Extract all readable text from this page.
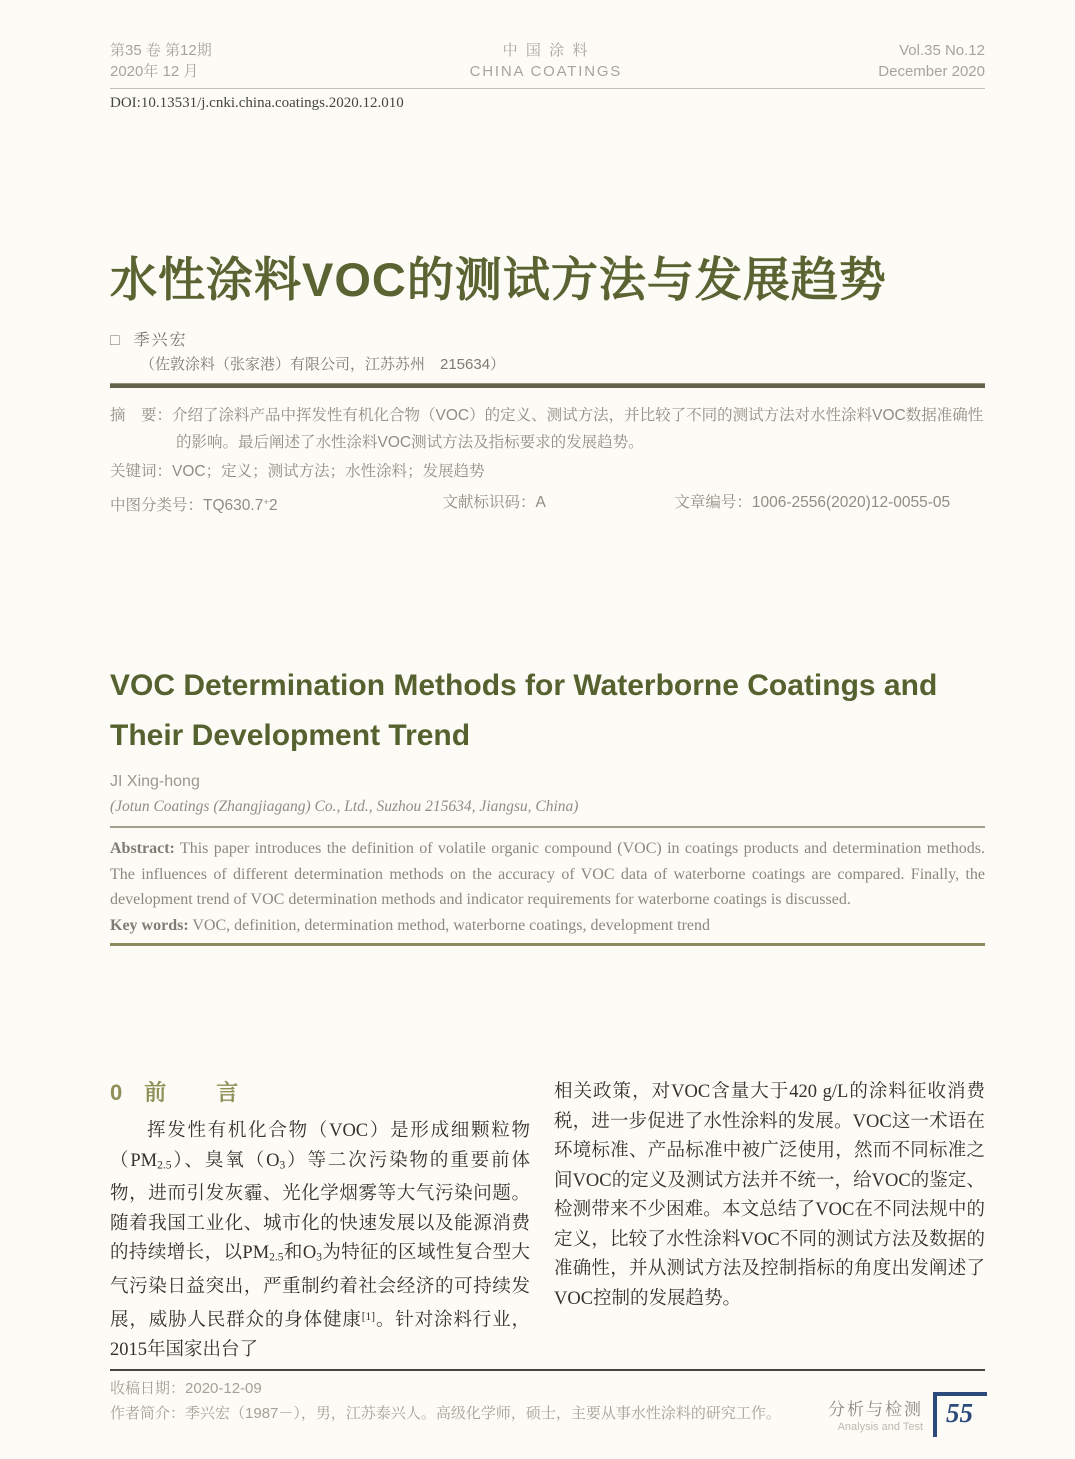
第35 卷 第12期
2020年 12 月
中国涂料
CHINA COATINGS
Vol.35 No.12
December 2020
DOI:10.13531/j.cnki.china.coatings.2020.12.010
水性涂料VOC的测试方法与发展趋势
□ 季兴宏
（佐敦涂料（张家港）有限公司，江苏苏州　215634）

摘　要：介绍了涂料产品中挥发性有机化合物（VOC）的定义、测试方法，并比较了不同的测试方法对水性涂料VOC数据准确性的影响。最后阐述了水性涂料VOC测试方法及指标要求的发展趋势。

关键词：VOC；定义；测试方法；水性涂料；发展趋势

中图分类号：TQ630.7+2	文献标识码：A	文章编号：1006-2556(2020)12-0055-05
VOC Determination Methods for Waterborne Coatings and Their Development Trend
JI Xing-hong
(Jotun Coatings (Zhangjiagang) Co., Ltd., Suzhou 215634, Jiangsu, China)

Abstract: This paper introduces the definition of volatile organic compound (VOC) in coatings products and determination methods. The influences of different determination methods on the accuracy of VOC data of waterborne coatings are compared. Finally, the development trend of VOC determination methods and indicator requirements for waterborne coatings is discussed.

Key words: VOC, definition, determination method, waterborne coatings, development trend

0 前　言

挥发性有机化合物（VOC）是形成细颗粒物$(PM_{2.5})$、臭氧$(O_3)$等二次污染物的重要前体物，进而引发灰霾、光化学烟雾等大气污染问题。随着我国工业化、城市化的快速发展以及能源消费的持续增长，以$PM_{2.5}$和$O_3$为特征的区域性复合型大气污染日益突出，严重制约着社会经济的可持续发展，威胁人民群众的身体健康[1]。针对涂料行业，2015年国家出台了

相关政策，对VOC含量大于420 g/L的涂料征收消费税，进一步促进了水性涂料的发展。VOC这一术语在环境标准、产品标准中被广泛使用，然而不同标准之间VOC的定义及测试方法并不统一，给VOC的鉴定、检测带来不少困难。本文总结了VOC在不同法规中的定义，比较了水性涂料VOC不同的测试方法及数据的准确性，并从测试方法及控制指标的角度出发阐述了VOC控制的发展趋势。

收稿日期：2020-12-09
作者简介：季兴宏（1987－），男，江苏泰兴人。高级化学师，硕士，主要从事水性涂料的研究工作。	分析与检测
Analysis and Test 55
